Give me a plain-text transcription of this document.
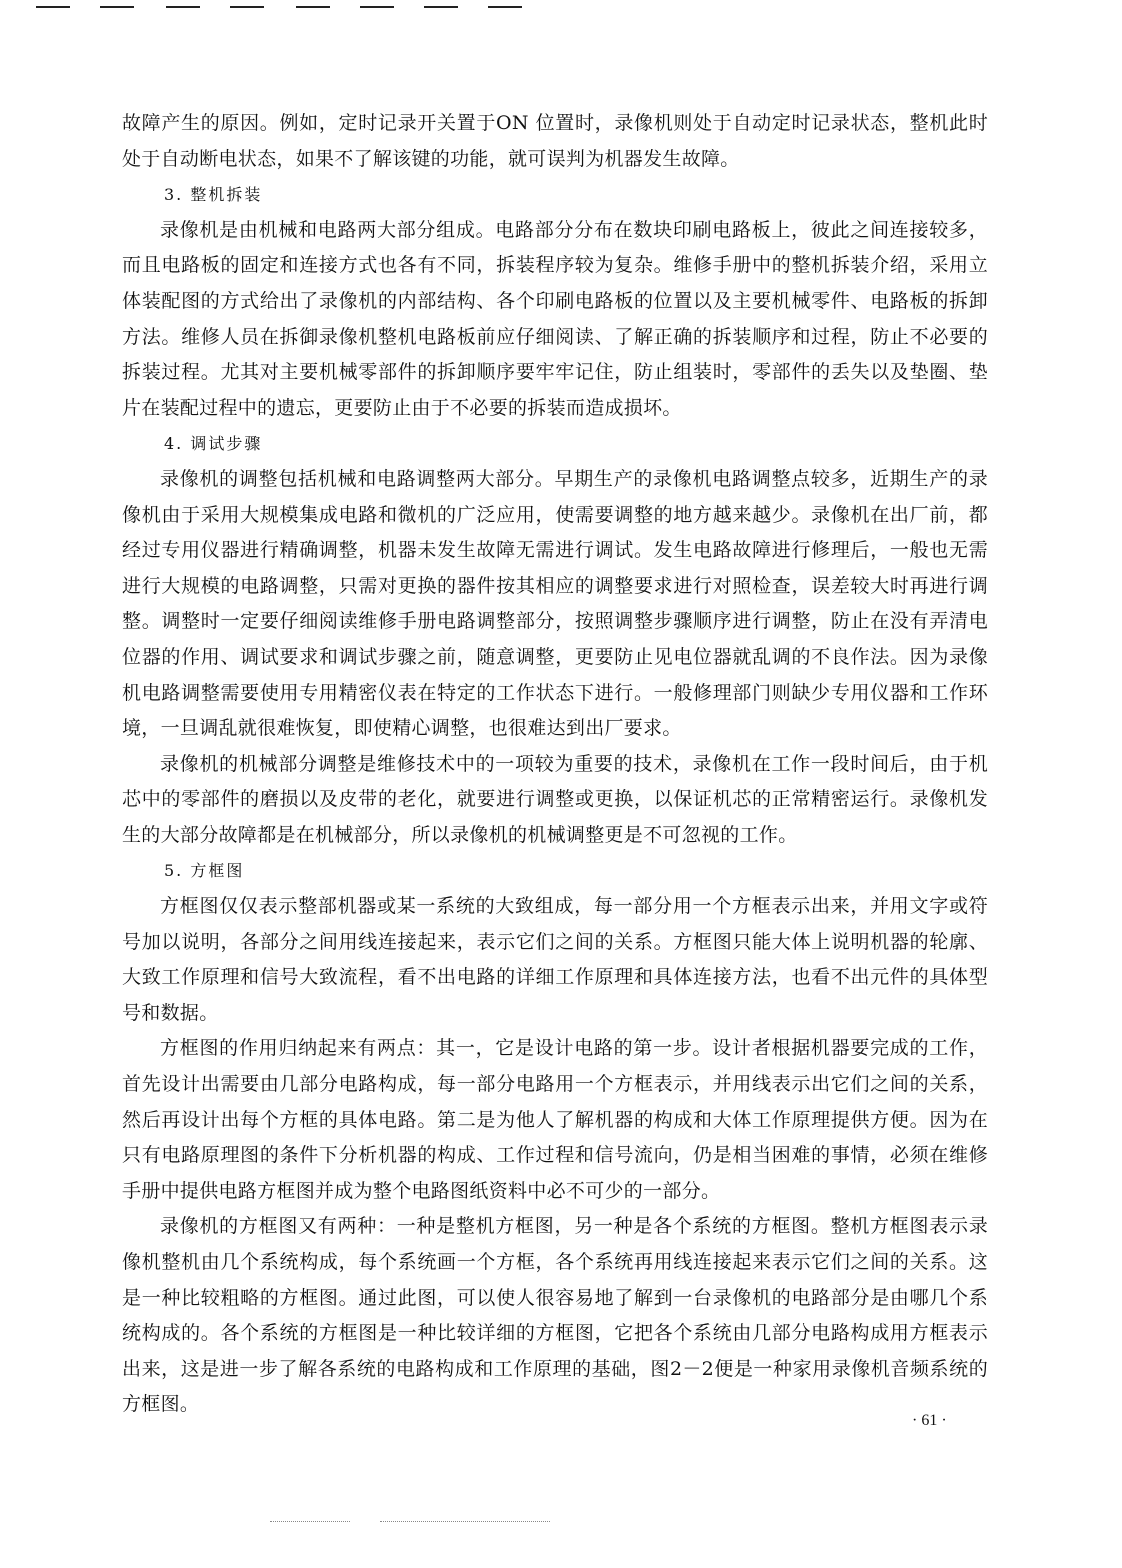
故障产生的原因。例如，定时记录开关置于ON 位置时，录像机则处于自动定时记录状态，整机此时处于自动断电状态，如果不了解该键的功能，就可误判为机器发生故障。

3. 整机拆装

录像机是由机械和电路两大部分组成。电路部分分布在数块印刷电路板上，彼此之间连接较多，而且电路板的固定和连接方式也各有不同，拆装程序较为复杂。维修手册中的整机拆装介绍，采用立体装配图的方式给出了录像机的内部结构、各个印刷电路板的位置以及主要机械零件、电路板的拆卸方法。维修人员在拆御录像机整机电路板前应仔细阅读、了解正确的拆装顺序和过程，防止不必要的拆装过程。尤其对主要机械零部件的拆卸顺序要牢牢记住，防止组装时，零部件的丢失以及垫圈、垫片在装配过程中的遗忘，更要防止由于不必要的拆装而造成损坏。

4. 调试步骤

录像机的调整包括机械和电路调整两大部分。早期生产的录像机电路调整点较多，近期生产的录像机由于采用大规模集成电路和微机的广泛应用，使需要调整的地方越来越少。录像机在出厂前，都经过专用仪器进行精确调整，机器未发生故障无需进行调试。发生电路故障进行修理后，一般也无需进行大规模的电路调整，只需对更换的器件按其相应的调整要求进行对照检查，误差较大时再进行调整。调整时一定要仔细阅读维修手册电路调整部分，按照调整步骤顺序进行调整，防止在没有弄清电位器的作用、调试要求和调试步骤之前，随意调整，更要防止见电位器就乱调的不良作法。因为录像机电路调整需要使用专用精密仪表在特定的工作状态下进行。一般修理部门则缺少专用仪器和工作环境，一旦调乱就很难恢复，即使精心调整，也很难达到出厂要求。

录像机的机械部分调整是维修技术中的一项较为重要的技术，录像机在工作一段时间后，由于机芯中的零部件的磨损以及皮带的老化，就要进行调整或更换，以保证机芯的正常精密运行。录像机发生的大部分故障都是在机械部分，所以录像机的机械调整更是不可忽视的工作。

5. 方框图

方框图仅仅表示整部机器或某一系统的大致组成，每一部分用一个方框表示出来，并用文字或符号加以说明，各部分之间用线连接起来，表示它们之间的关系。方框图只能大体上说明机器的轮廓、大致工作原理和信号大致流程，看不出电路的详细工作原理和具体连接方法，也看不出元件的具体型号和数据。

方框图的作用归纳起来有两点：其一，它是设计电路的第一步。设计者根据机器要完成的工作，首先设计出需要由几部分电路构成，每一部分电路用一个方框表示，并用线表示出它们之间的关系，然后再设计出每个方框的具体电路。第二是为他人了解机器的构成和大体工作原理提供方便。因为在只有电路原理图的条件下分析机器的构成、工作过程和信号流向，仍是相当困难的事情，必须在维修手册中提供电路方框图并成为整个电路图纸资料中必不可少的一部分。

录像机的方框图又有两种：一种是整机方框图，另一种是各个系统的方框图。整机方框图表示录像机整机由几个系统构成，每个系统画一个方框，各个系统再用线连接起来表示它们之间的关系。这是一种比较粗略的方框图。通过此图，可以使人很容易地了解到一台录像机的电路部分是由哪几个系统构成的。各个系统的方框图是一种比较详细的方框图，它把各个系统由几部分电路构成用方框表示出来，这是进一步了解各系统的电路构成和工作原理的基础，图2－2便是一种家用录像机音频系统的方框图。

· 61 ·
